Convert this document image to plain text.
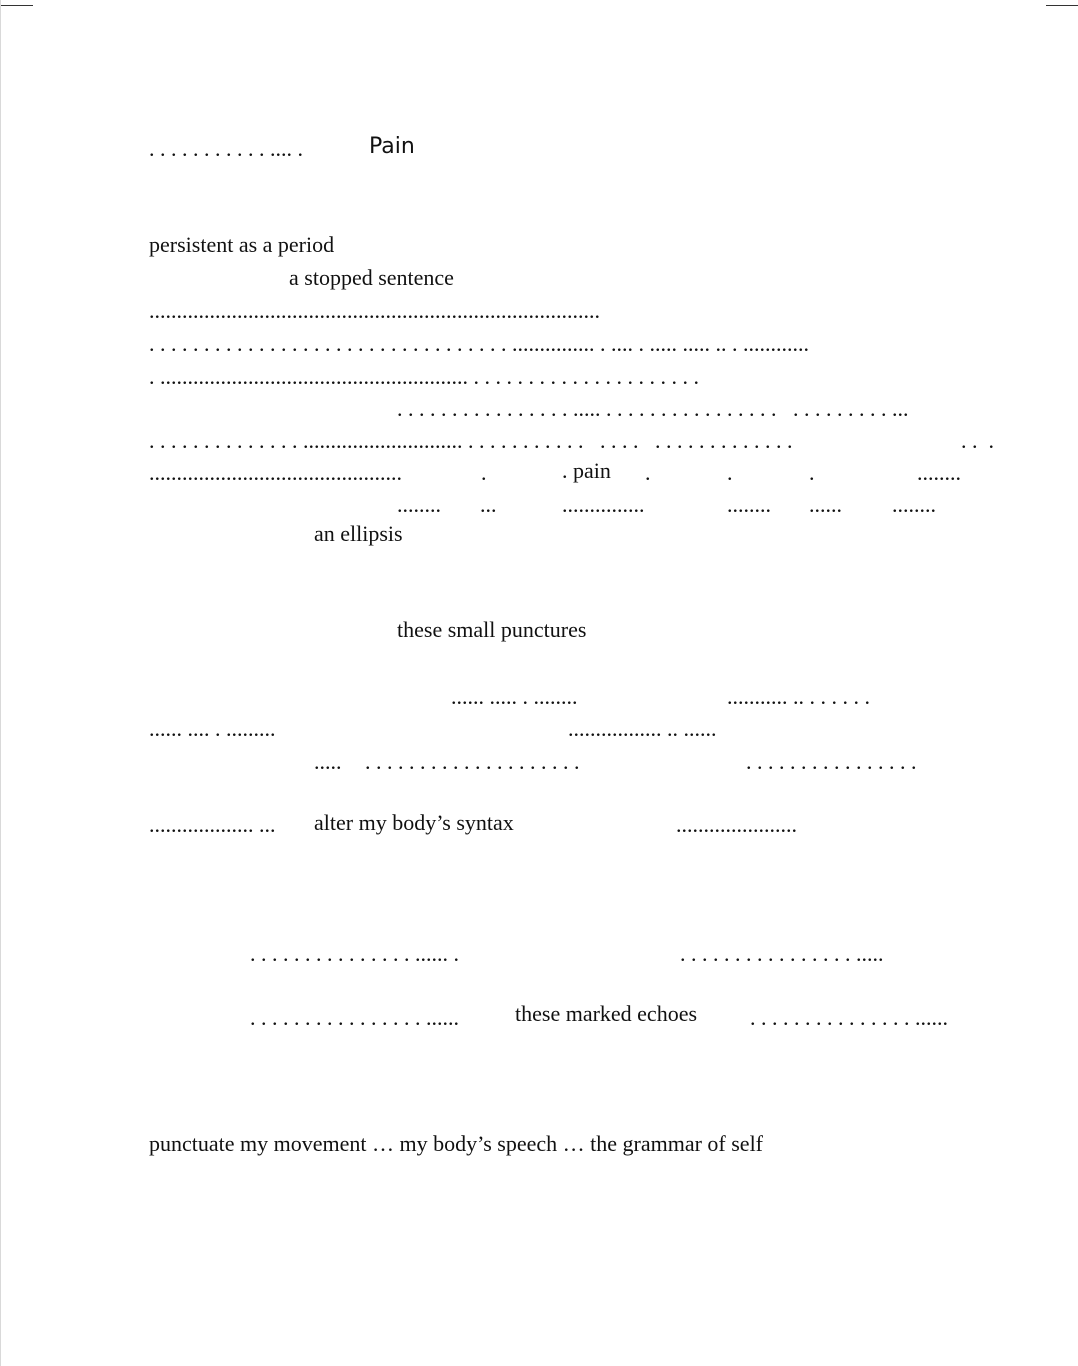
. . . . . . . . . . . .... .	Pain
persistent as a period
a stopped sentence
..................................................................................
. . . . . . . . . . . . . . . . . . . . . . . . . . . . . . . . . ............... . .... . ..... ..... .. . ............
. ........................................................ . . . . . . . . . . . . . . . . . . . . .
. . . . . . . . . . . . . . . . ..... . . . . . . . . . . . . . . . .   . . . . . . . . . ...
. . . . . . . . . . . . . . ............................. . . . . . . . . . . .   . . . .   . . . . . . . . . . . . .	. .  .
..............................................	.	. pain .	.	.	........
........ ...	...............	........ ...... ........
an ellipsis
these small punctures
...... ..... . ........	........... .. . . . . . .
...... .... . .........	................. .. ......
..... . . . . . . . . . . . . . . . . . . . .	. . . . . . . . . . . . . . . .
................... ... alter my body’s syntax	......................
. . . . . . . . . . . . . . . ...... .	. . . . . . . . . . . . . . . . .....
. . . . . . . . . . . . . . . . ......	these marked echoes . . . . . . . . . . . . . . . ......
punctuate my movement … my body’s speech … the grammar of self
